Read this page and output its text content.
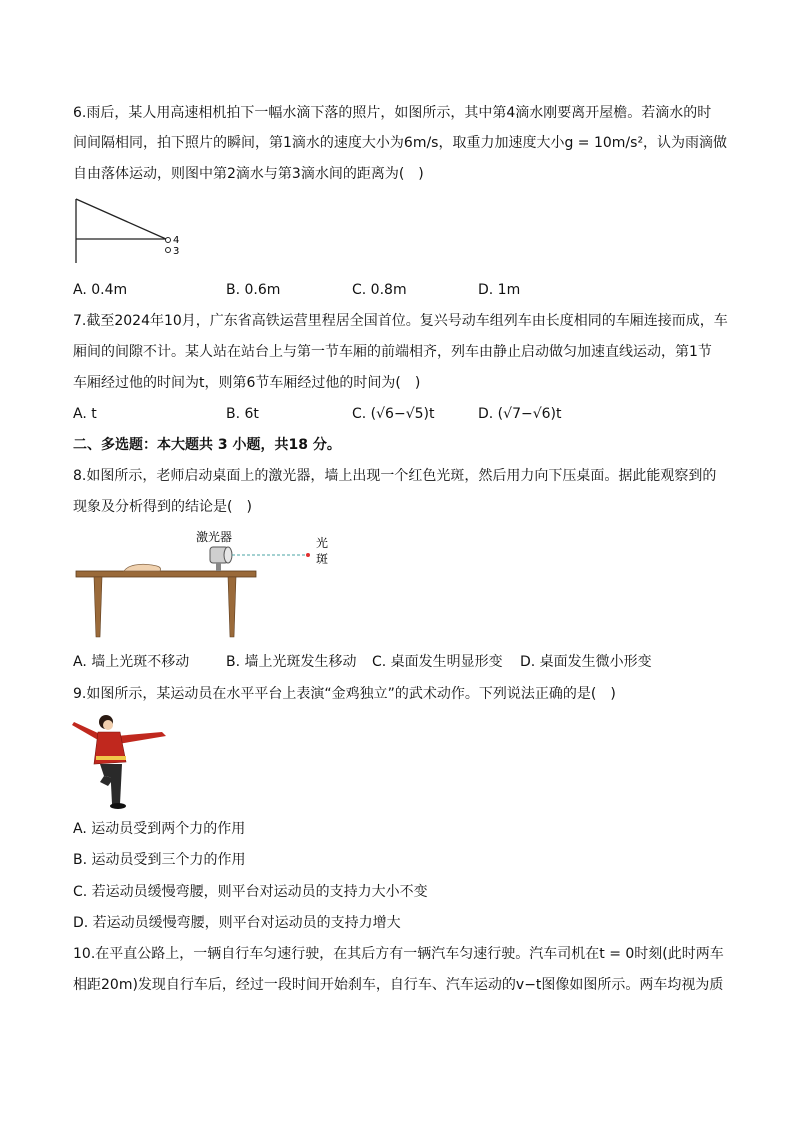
6.雨后，某人用高速相机拍下一幅水滴下落的照片，如图所示，其中第4滴水刚要离开屋檐。若滴水的时
间间隔相同，拍下照片的瞬间，第1滴水的速度大小为6m/s，取重力加速度大小g = 10m/s²，认为雨滴做
自由落体运动，则图中第2滴水与第3滴水间的距离为(　)
4
3
A. 0.4m	B. 0.6m	C. 0.8m	D. 1m
7.截至2024年10月，广东省高铁运营里程居全国首位。复兴号动车组列车由长度相同的车厢连接而成，车
厢间的间隙不计。某人站在站台上与第一节车厢的前端相齐，列车由静止启动做匀加速直线运动，第1节
车厢经过他的时间为t，则第6节车厢经过他的时间为(　)
A. t	B. 6t	C. (√6−√5)t	D. (√7−√6)t
二、多选题：本大题共 3 小题，共18 分。
8.如图所示，老师启动桌面上的激光器，墙上出现一个红色光斑，然后用力向下压桌面。据此能观察到的
现象及分析得到的结论是(　)
激光器	光
斑
A. 墙上光斑不移动	B. 墙上光斑发生移动 C. 桌面发生明显形变 D. 桌面发生微小形变
9.如图所示，某运动员在水平平台上表演“金鸡独立”的武术动作。下列说法正确的是(　)
A. 运动员受到两个力的作用
B. 运动员受到三个力的作用
C. 若运动员缓慢弯腰，则平台对运动员的支持力大小不变
D. 若运动员缓慢弯腰，则平台对运动员的支持力增大
10.在平直公路上，一辆自行车匀速行驶，在其后方有一辆汽车匀速行驶。汽车司机在t = 0时刻(此时两车
相距20m)发现自行车后，经过一段时间开始刹车，自行车、汽车运动的v−t图像如图所示。两车均视为质
